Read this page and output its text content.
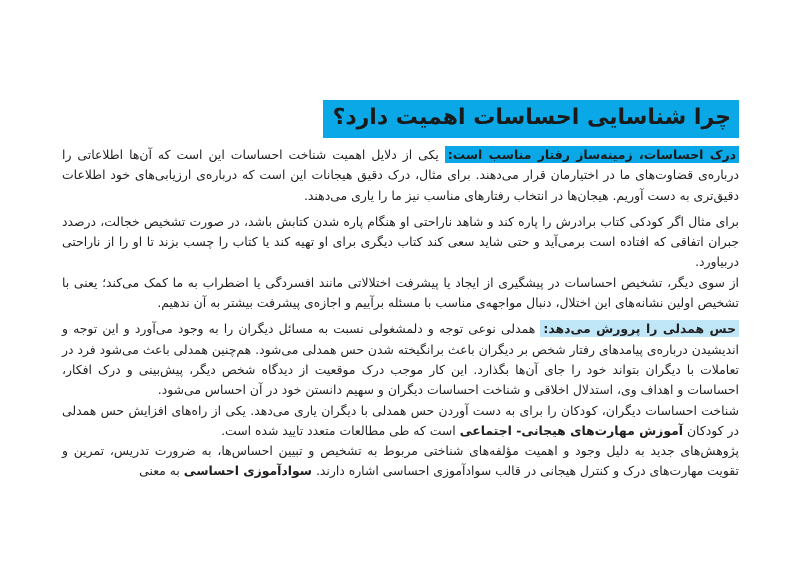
چرا شناسایی احساسات اهمیت دارد؟

درک احساسات، زمینه‌ساز رفتار مناسب است: یکی از دلایل اهمیت شناخت احساسات این است که آن‌ها اطلاعاتی را درباره‌ی قضاوت‌های ما در اختیارمان قرار می‌دهند. برای مثال، درک دقیق هیجانات این است که درباره‌ی ارزیابی‌های خود اطلاعات دقیق‌تری به دست آوریم. هیجان‌ها در انتخاب رفتارهای مناسب نیز ما را یاری می‌دهند.

برای مثال اگر کودکی کتاب برادرش را پاره کند و شاهد ناراحتی او هنگام پاره شدن کتابش باشد، در صورت تشخیص خجالت، درصدد جبران اتفاقی که افتاده است برمی‌آید و حتی شاید سعی کند کتاب دیگری برای او تهیه کند یا کتاب را چسب بزند تا او را از ناراحتی دربیاورد.

از سوی دیگر، تشخیص احساسات در پیشگیری از ایجاد یا پیشرفت اختلالاتی مانند افسردگی یا اضطراب به ما کمک می‌کند؛ یعنی با تشخیص اولین نشانه‌های این اختلال، دنبال مواجهه‌ی مناسب با مسئله برآییم و اجازه‌ی پیشرفت بیشتر به آن ندهیم.

حس همدلی را پرورش می‌دهد: همدلی نوعی توجه و دلمشغولی نسبت به مسائل دیگران را به وجود می‌آورد و این توجه و اندیشیدن درباره‌ی پیامدهای رفتار شخص بر دیگران باعث برانگیخته شدن حس همدلی می‌شود. هم‌چنین همدلی باعث می‌شود فرد در تعاملات با دیگران بتواند خود را جای آن‌ها بگذارد. این کار موجب درک موقعیت از دیدگاه شخص دیگر، پیش‌بینی و درک افکار، احساسات و اهداف وی، استدلال اخلاقی و شناخت احساسات دیگران و سهیم دانستن خود در آن احساس می‌شود.

شناخت احساسات دیگران، کودکان را برای به دست آوردن حس همدلی با دیگران یاری می‌دهد. یکی از راه‌های افزایش حس همدلی در کودکان آموزش مهارت‌های هیجانی- اجتماعی است که طی مطالعات متعدد تایید شده است.

پژوهش‌های جدید به دلیل وجود و اهمیت مؤلفه‌های شناختی مربوط به تشخیص و تبیین احساس‌ها، به ضرورت تدریس، تمرین و تقویت مهارت‌های درک و کنترل هیجانی در قالب سوادآموزی احساسی اشاره دارند. سوادآموزی احساسی به معنی
